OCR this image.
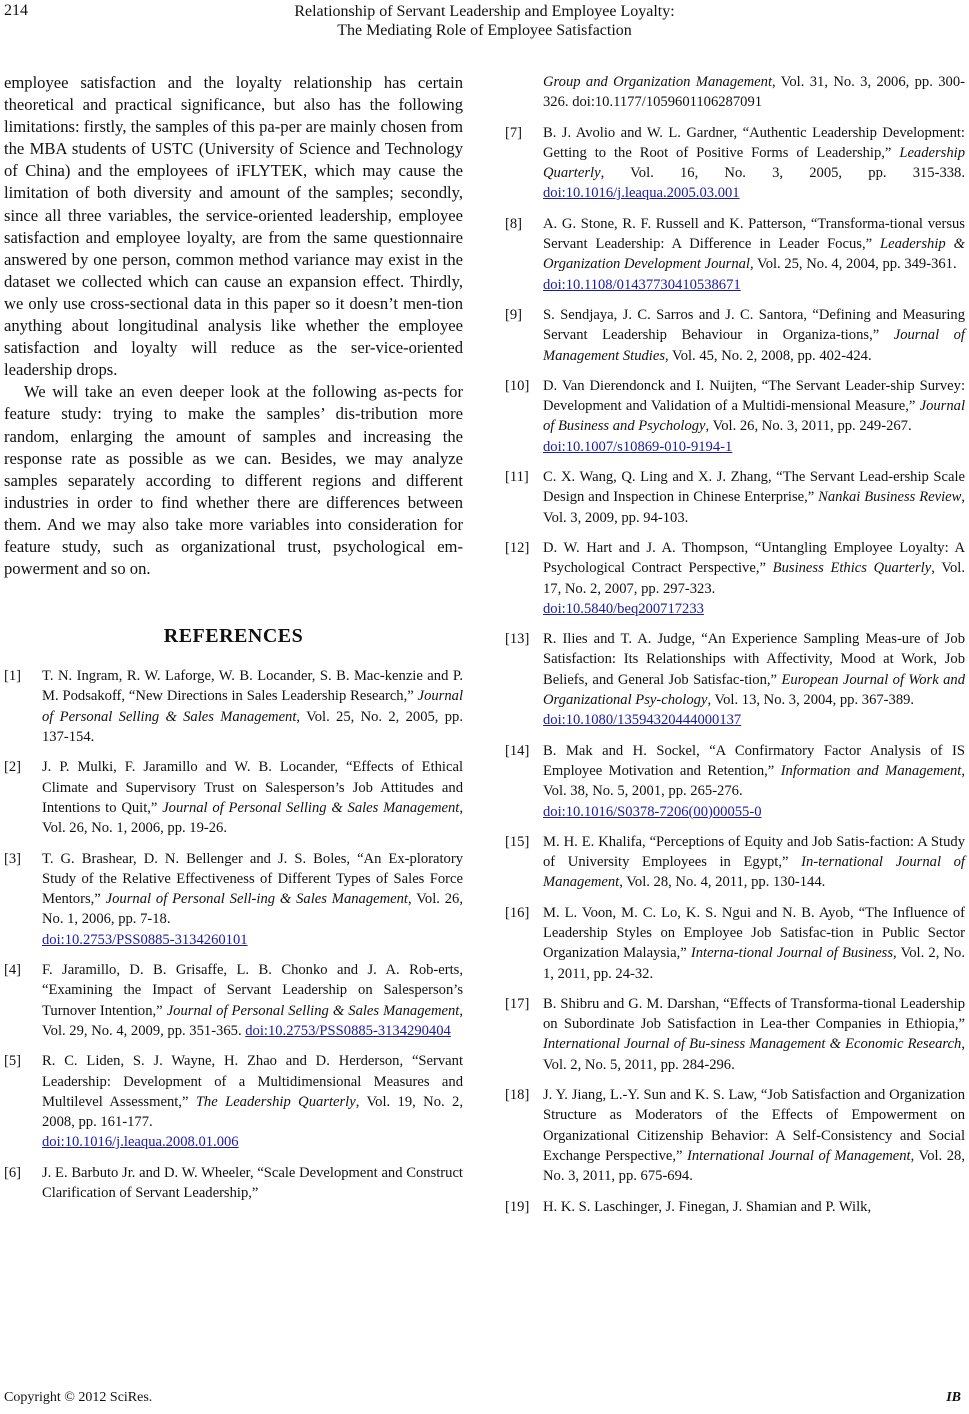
214	Relationship of Servant Leadership and Employee Loyalty:
The Mediating Role of Employee Satisfaction

employee satisfaction and the loyalty relationship has certain theoretical and practical significance, but also has the following limitations: firstly, the samples of this pa-per are mainly chosen from the MBA students of USTC (University of Science and Technology of China) and the employees of iFLYTEK, which may cause the limitation of both diversity and amount of the samples; secondly, since all three variables, the service-oriented leadership, employee satisfaction and employee loyalty, are from the same questionnaire answered by one person, common method variance may exist in the dataset we collected which can cause an expansion effect. Thirdly, we only use cross-sectional data in this paper so it doesn’t men-tion anything about longitudinal analysis like whether the employee satisfaction and loyalty will reduce as the ser-vice-oriented leadership drops.

We will take an even deeper look at the following as-pects for feature study: trying to make the samples’ dis-tribution more random, enlarging the amount of samples and increasing the response rate as possible as we can. Besides, we may analyze samples separately according to different regions and different industries in order to find whether there are differences between them. And we may also take more variables into consideration for feature study, such as organizational trust, psychological em-powerment and so on.

REFERENCES

[1] T. N. Ingram, R. W. Laforge, W. B. Locander, S. B. Mac-kenzie and P. M. Podsakoff, “New Directions in Sales Leadership Research,” Journal of Personal Selling & Sales Management, Vol. 25, No. 2, 2005, pp. 137-154.

[2] J. P. Mulki, F. Jaramillo and W. B. Locander, “Effects of Ethical Climate and Supervisory Trust on Salesperson’s Job Attitudes and Intentions to Quit,” Journal of Personal Selling & Sales Management, Vol. 26, No. 1, 2006, pp. 19-26.

[3] T. G. Brashear, D. N. Bellenger and J. S. Boles, “An Ex-ploratory Study of the Relative Effectiveness of Different Types of Sales Force Mentors,” Journal of Personal Sell-ing & Sales Management, Vol. 26, No. 1, 2006, pp. 7-18.
doi:10.2753/PSS0885-3134260101

[4] F. Jaramillo, D. B. Grisaffe, L. B. Chonko and J. A. Rob-erts, “Examining the Impact of Servant Leadership on Salesperson’s Turnover Intention,” Journal of Personal Selling & Sales Management, Vol. 29, No. 4, 2009, pp. 351-365. doi:10.2753/PSS0885-3134290404

[5] R. C. Liden, S. J. Wayne, H. Zhao and D. Herderson, “Servant Leadership: Development of a Multidimensional Measures and Multilevel Assessment,” The Leadership Quarterly, Vol. 19, No. 2, 2008, pp. 161-177.
doi:10.1016/j.leaqua.2008.01.006

[6] J. E. Barbuto Jr. and D. W. Wheeler, “Scale Development and Construct Clarification of Servant Leadership,”

Group and Organization Management, Vol. 31, No. 3, 2006, pp. 300-326. doi:10.1177/1059601106287091

[7] B. J. Avolio and W. L. Gardner, “Authentic Leadership Development: Getting to the Root of Positive Forms of Leadership,” Leadership Quarterly, Vol. 16, No. 3, 2005, pp. 315-338. doi:10.1016/j.leaqua.2005.03.001

[8] A. G. Stone, R. F. Russell and K. Patterson, “Transforma-tional versus Servant Leadership: A Difference in Leader Focus,” Leadership & Organization Development Journal, Vol. 25, No. 4, 2004, pp. 349-361.
doi:10.1108/01437730410538671

[9] S. Sendjaya, J. C. Sarros and J. C. Santora, “Defining and Measuring Servant Leadership Behaviour in Organiza-tions,” Journal of Management Studies, Vol. 45, No. 2, 2008, pp. 402-424.

[10] D. Van Dierendonck and I. Nuijten, “The Servant Leader-ship Survey: Development and Validation of a Multidi-mensional Measure,” Journal of Business and Psychology, Vol. 26, No. 3, 2011, pp. 249-267.
doi:10.1007/s10869-010-9194-1

[11] C. X. Wang, Q. Ling and X. J. Zhang, “The Servant Lead-ership Scale Design and Inspection in Chinese Enterprise,” Nankai Business Review, Vol. 3, 2009, pp. 94-103.

[12] D. W. Hart and J. A. Thompson, “Untangling Employee Loyalty: A Psychological Contract Perspective,” Business Ethics Quarterly, Vol. 17, No. 2, 2007, pp. 297-323.
doi:10.5840/beq200717233

[13] R. Ilies and T. A. Judge, “An Experience Sampling Meas-ure of Job Satisfaction: Its Relationships with Affectivity, Mood at Work, Job Beliefs, and General Job Satisfac-tion,” European Journal of Work and Organizational Psy-chology, Vol. 13, No. 3, 2004, pp. 367-389.
doi:10.1080/13594320444000137

[14] B. Mak and H. Sockel, “A Confirmatory Factor Analysis of IS Employee Motivation and Retention,” Information and Management, Vol. 38, No. 5, 2001, pp. 265-276.
doi:10.1016/S0378-7206(00)00055-0

[15] M. H. E. Khalifa, “Perceptions of Equity and Job Satis-faction: A Study of University Employees in Egypt,” In-ternational Journal of Management, Vol. 28, No. 4, 2011, pp. 130-144.

[16] M. L. Voon, M. C. Lo, K. S. Ngui and N. B. Ayob, “The Influence of Leadership Styles on Employee Job Satisfac-tion in Public Sector Organization Malaysia,” Interna-tional Journal of Business, Vol. 2, No. 1, 2011, pp. 24-32.

[17] B. Shibru and G. M. Darshan, “Effects of Transforma-tional Leadership on Subordinate Job Satisfaction in Lea-ther Companies in Ethiopia,” International Journal of Bu-siness Management & Economic Research, Vol. 2, No. 5, 2011, pp. 284-296.

[18] J. Y. Jiang, L.-Y. Sun and K. S. Law, “Job Satisfaction and Organization Structure as Moderators of the Effects of Empowerment on Organizational Citizenship Behavior: A Self-Consistency and Social Exchange Perspective,” International Journal of Management, Vol. 28, No. 3, 2011, pp. 675-694.

[19] H. K. S. Laschinger, J. Finegan, J. Shamian and P. Wilk,

Copyright © 2012 SciRes.	IB
